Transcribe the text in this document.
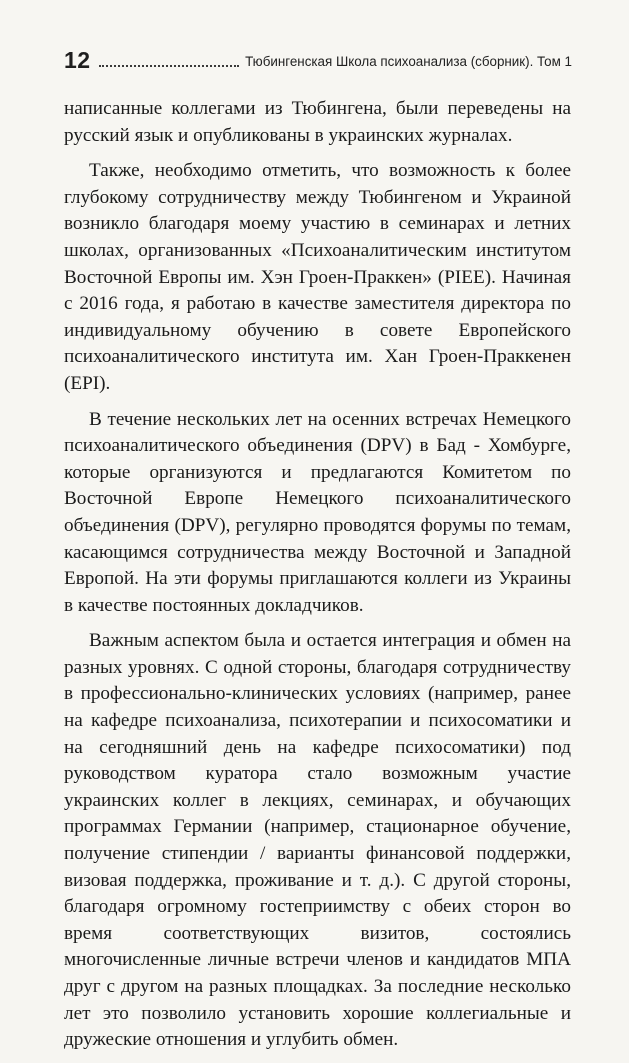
12	Тюбингенская Школа психоанализа (сборник). Том 1

написанные коллегами из Тюбингена, были переведены на русский язык и опубликованы в украинских журналах.

Также, необходимо отметить, что возможность к более глубокому сотрудничеству между Тюбингеном и Украиной возникло благодаря моему участию в семинарах и летних школах, организованных «Психоаналитическим институтом Восточной Европы им. Хэн Гроен-Праккен» (PIEE). Начиная с 2016 года, я работаю в качестве заместителя директора по индивидуальному обучению в совете Европейского психоаналитического института им. Хан Гроен-Праккенен (EPI).

В течение нескольких лет на осенних встречах Немецкого психоаналитического объединения (DPV) в Бад - Хомбурге, которые организуются и предлагаются Комитетом по Восточной Европе Немецкого психоаналитического объединения (DPV), регулярно проводятся форумы по темам, касающимся сотрудничества между Восточной и Западной Европой. На эти форумы приглашаются коллеги из Украины в качестве постоянных докладчиков.

Важным аспектом была и остается интеграция и обмен на разных уровнях. С одной стороны, благодаря сотрудничеству в профессионально-клинических условиях (например, ранее на кафедре психоанализа, психотерапии и психосоматики и на сегодняшний день на кафедре психосоматики) под руководством куратора стало возможным участие украинских коллег в лекциях, семинарах, и обучающих программах Германии (например, стационарное обучение, получение стипендии / варианты финансовой поддержки, визовая поддержка, проживание и т. д.). С другой стороны, благодаря огромному гостеприимству с обеих сторон во время соответствующих визитов, состоялись многочисленные личные встречи членов и кандидатов МПА друг с другом на разных площадках. За последние несколько лет это позволило установить хорошие коллегиальные и дружеские отношения и углубить обмен.
